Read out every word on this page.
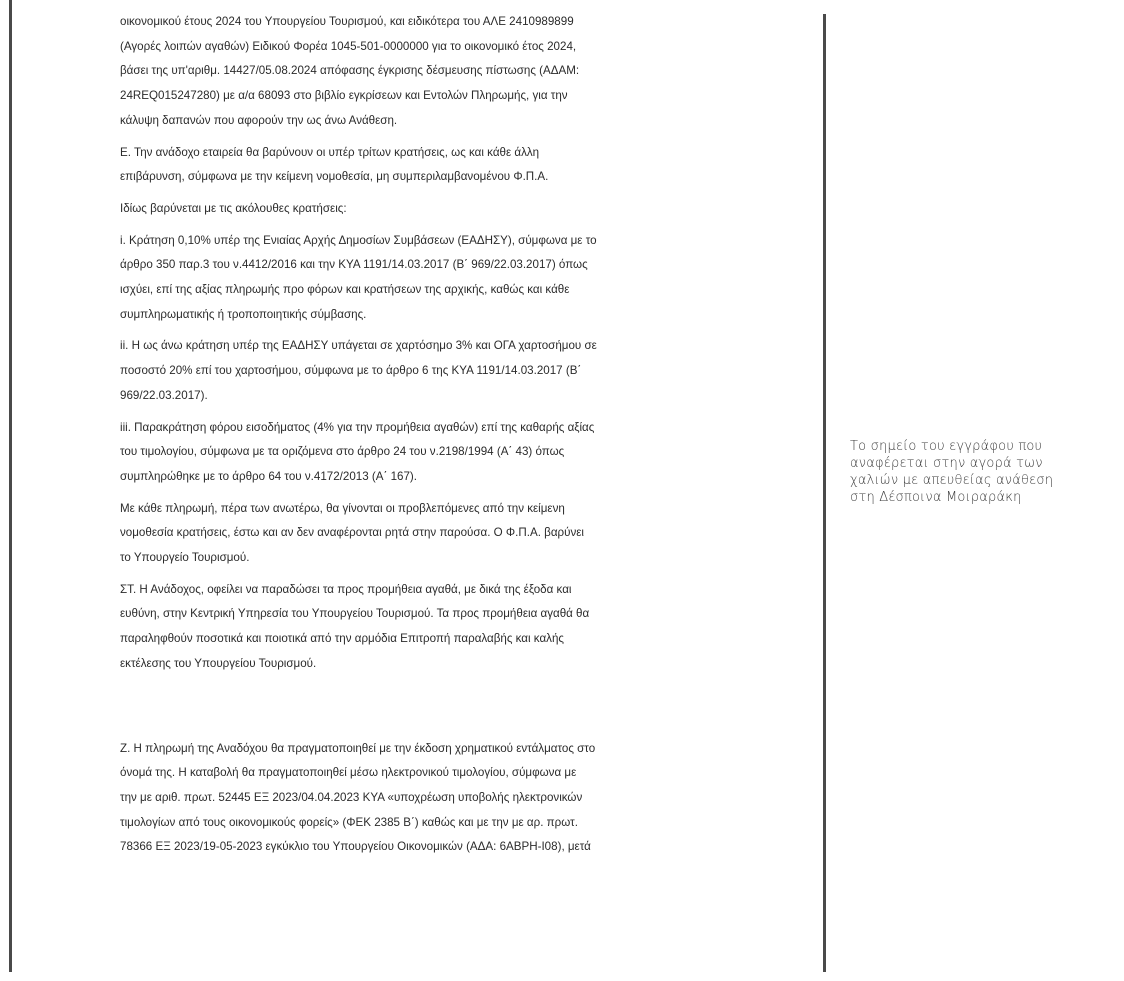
οικονομικού έτους 2024 του Υπουργείου Τουρισμού, και ειδικότερα του ΑΛΕ 2410989899
(Αγορές λοιπών αγαθών) Ειδικού Φορέα 1045-501-0000000 για το οικονομικό έτος 2024,
βάσει της υπ'αριθμ. 14427/05.08.2024 απόφασης έγκρισης δέσμευσης πίστωσης (ΑΔΑΜ:
24REQ015247280) με α/α 68093 στο βιβλίο εγκρίσεων και Εντολών Πληρωμής, για την
κάλυψη δαπανών που αφορούν την ως άνω Ανάθεση.

Ε. Την ανάδοχο εταιρεία θα βαρύνουν οι υπέρ τρίτων κρατήσεις, ως και κάθε άλλη
επιβάρυνση, σύμφωνα με την κείμενη νομοθεσία, μη συμπεριλαμβανομένου Φ.Π.Α.

Ιδίως βαρύνεται με τις ακόλουθες κρατήσεις:

i. Κράτηση 0,10% υπέρ της Ενιαίας Αρχής Δημοσίων Συμβάσεων (ΕΑΔΗΣΥ), σύμφωνα με το
άρθρο 350 παρ.3 του ν.4412/2016 και την ΚΥΑ 1191/14.03.2017 (Β΄ 969/22.03.2017) όπως
ισχύει, επί της αξίας πληρωμής προ φόρων και κρατήσεων της αρχικής, καθώς και κάθε
συμπληρωματικής ή τροποποιητικής σύμβασης.

ii. Η ως άνω κράτηση υπέρ της ΕΑΔΗΣΥ υπάγεται σε χαρτόσημο 3% και ΟΓΑ χαρτοσήμου σε
ποσοστό 20% επί του χαρτοσήμου, σύμφωνα με το άρθρο 6 της ΚΥΑ 1191/14.03.2017 (Β΄
969/22.03.2017).

iii. Παρακράτηση φόρου εισοδήματος (4% για την προμήθεια αγαθών) επί της καθαρής αξίας
του τιμολογίου, σύμφωνα με τα οριζόμενα στο άρθρο 24 του ν.2198/1994 (Α΄ 43) όπως
συμπληρώθηκε με το άρθρο 64 του ν.4172/2013 (Α΄ 167).

Με κάθε πληρωμή, πέρα των ανωτέρω, θα γίνονται οι προβλεπόμενες από την κείμενη
νομοθεσία κρατήσεις, έστω και αν δεν αναφέρονται ρητά στην παρούσα. Ο Φ.Π.Α. βαρύνει
το Υπουργείο Τουρισμού.

ΣΤ. Η Ανάδοχος, οφείλει να παραδώσει τα προς προμήθεια αγαθά, με δικά της έξοδα και
ευθύνη, στην Κεντρική Υπηρεσία του Υπουργείου Τουρισμού. Τα προς προμήθεια αγαθά θα
παραληφθούν ποσοτικά και ποιοτικά από την αρμόδια Επιτροπή παραλαβής και καλής
εκτέλεσης του Υπουργείου Τουρισμού.

Ζ. Η πληρωμή της Αναδόχου θα πραγματοποιηθεί με την έκδοση χρηματικού εντάλματος στο
όνομά της. Η καταβολή θα πραγματοποιηθεί μέσω ηλεκτρονικού τιμολογίου, σύμφωνα με
την με αριθ. πρωτ. 52445 ΕΞ 2023/04.04.2023 ΚΥΑ «υποχρέωση υποβολής ηλεκτρονικών
τιμολογίων από τους οικονομικούς φορείς» (ΦΕΚ 2385 Β΄) καθώς και με την με αρ. πρωτ.
78366 ΕΞ 2023/19-05-2023 εγκύκλιο του Υπουργείου Οικονομικών (ΑΔΑ: 6ΑΒΡΗ-Ι08), μετά

Το σημείο του εγγράφου που αναφέρεται στην αγορά των χαλιών με απευθείας ανάθεση στη Δέσποινα Μοιραράκη
